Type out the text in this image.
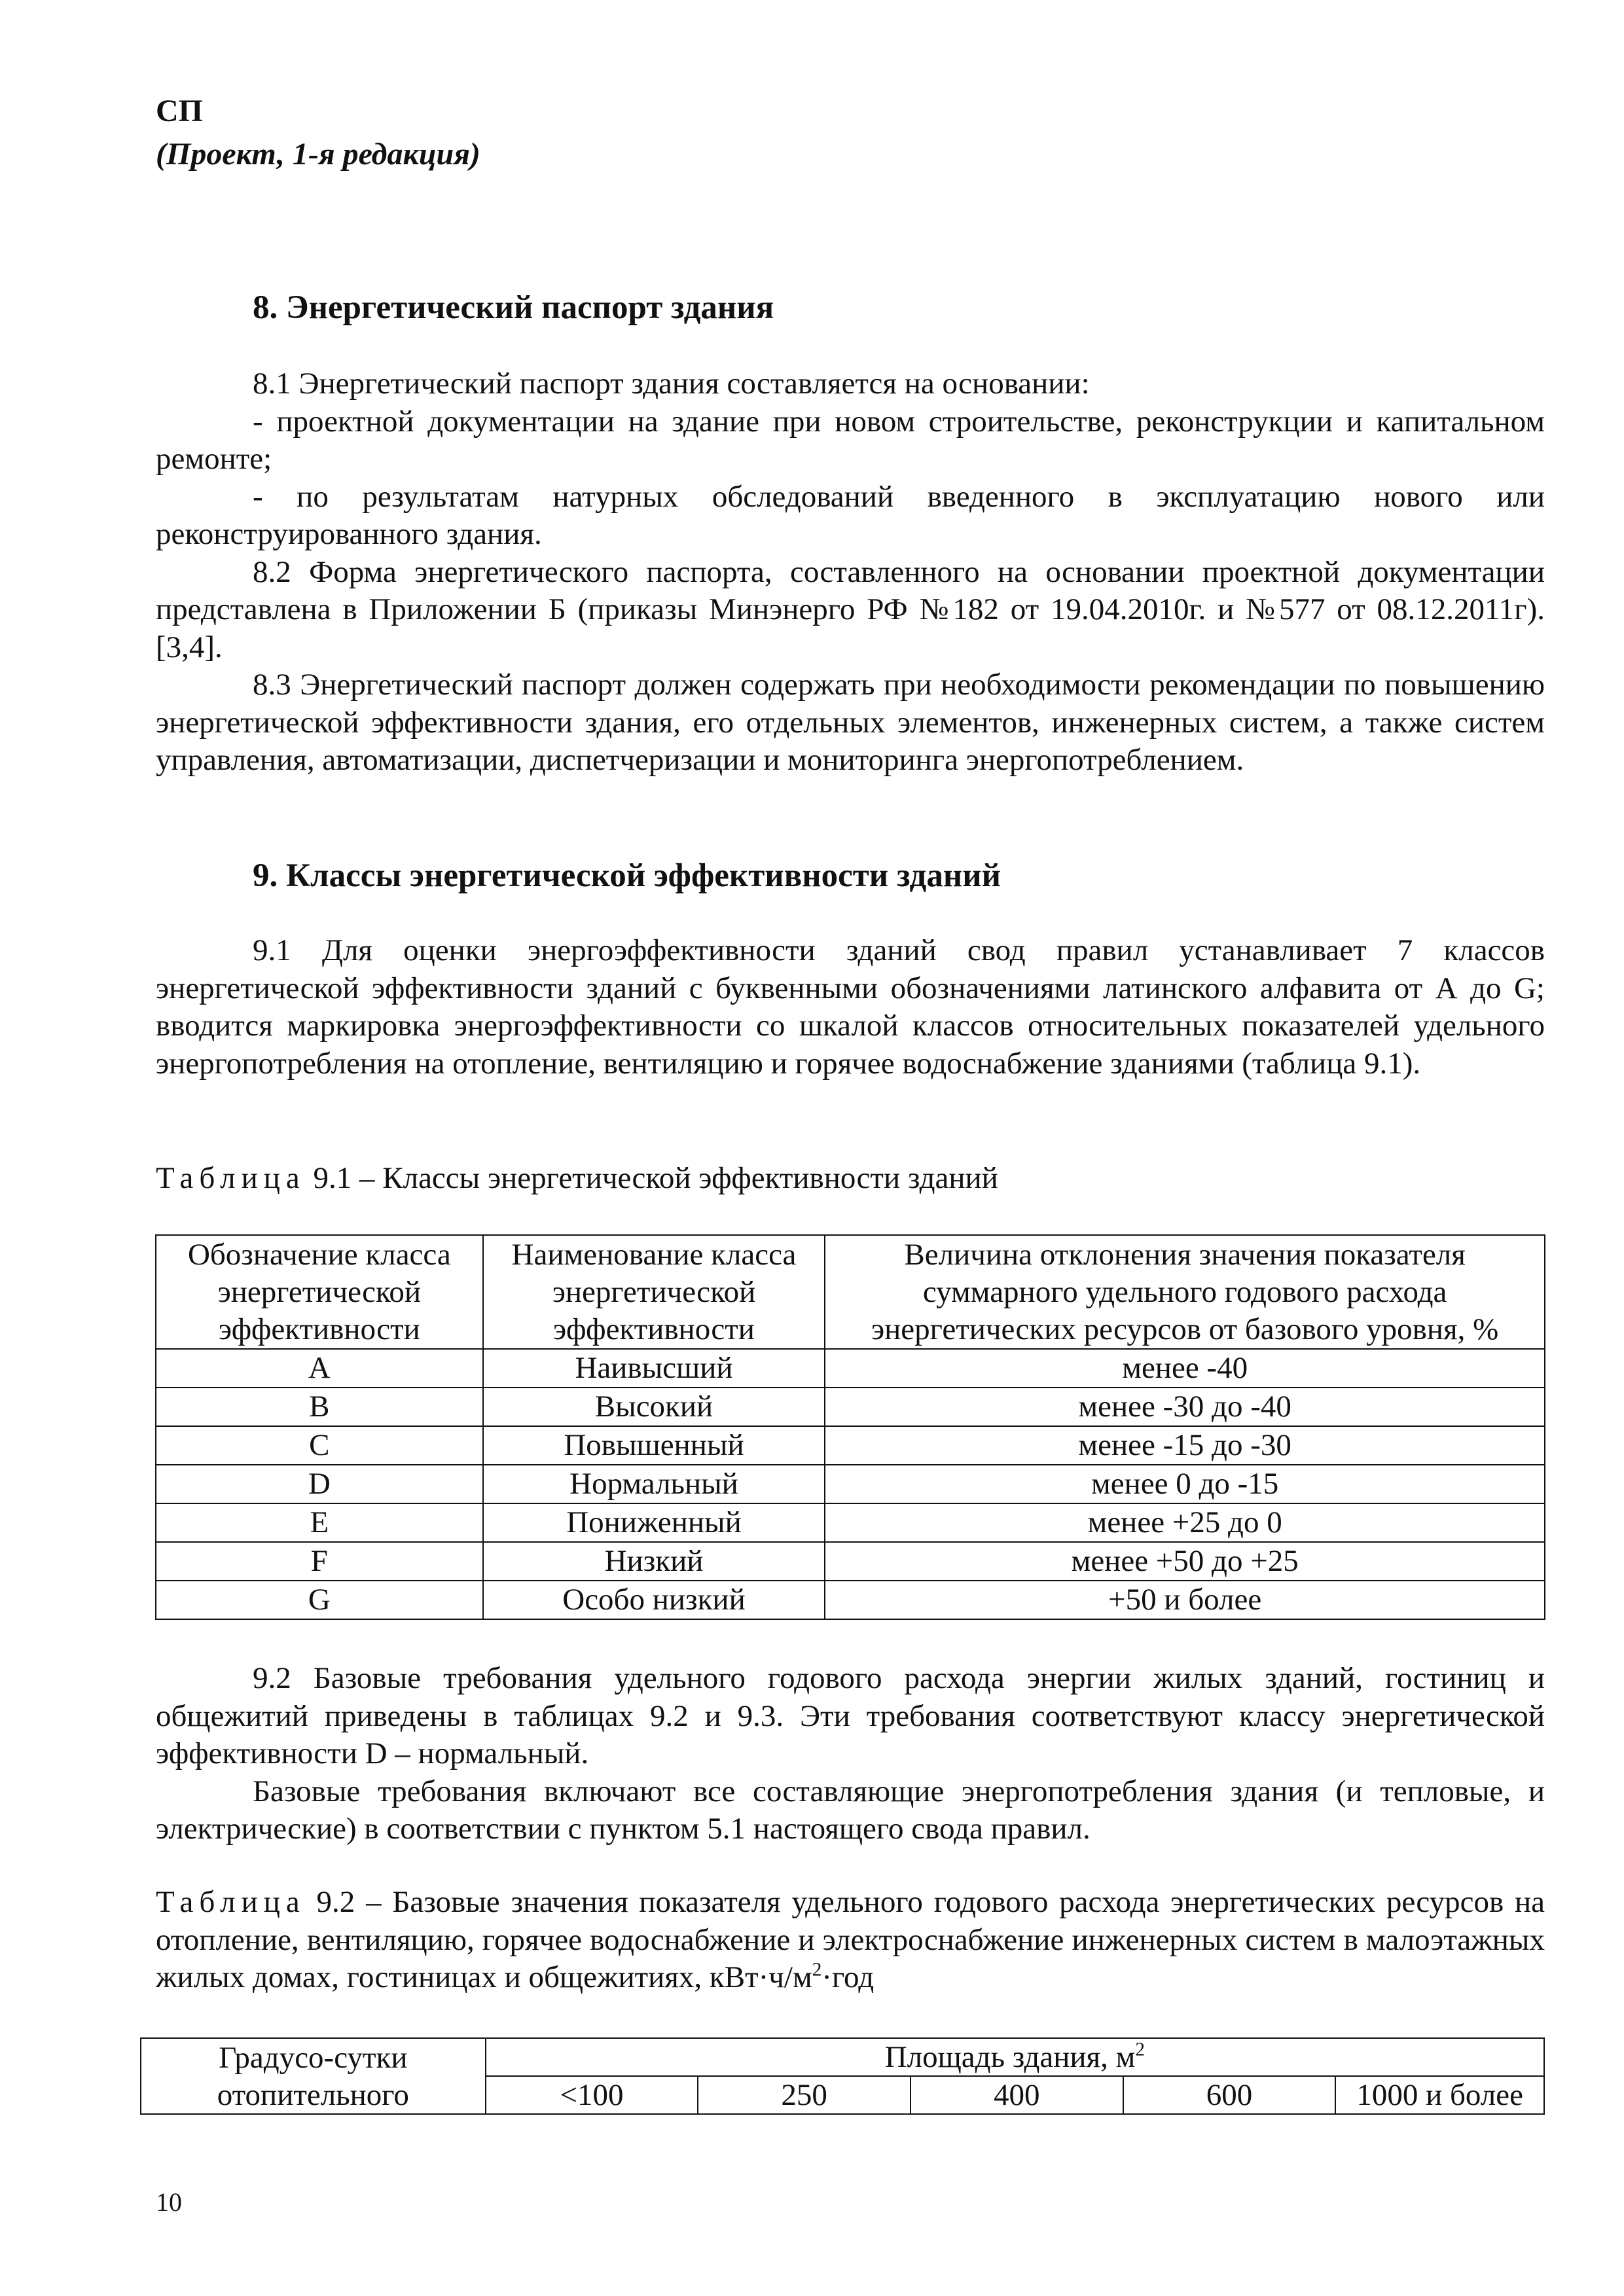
СП
(Проект, 1-я редакция)
8. Энергетический паспорт здания

8.1 Энергетический паспорт здания составляется на основании:

- проектной документации на здание при новом строительстве, реконструкции и капитальном ремонте;

- по результатам натурных обследований введенного в эксплуатацию нового или реконструированного здания.

8.2 Форма энергетического паспорта, составленного на основании проектной документации представлена в Приложении Б (приказы Минэнерго РФ №182 от 19.04.2010г. и №577 от 08.12.2011г). [3,4].

8.3 Энергетический паспорт должен содержать при необходимости рекомендации по повышению энергетической эффективности здания, его отдельных элементов, инженерных систем, а также систем управления, автоматизации, диспетчеризации и мониторинга энергопотреблением.

9. Классы энергетической эффективности зданий

9.1 Для оценки энергоэффективности зданий свод правил устанавливает 7 классов энергетической эффективности зданий с буквенными обозначениями латинского алфавита от А до G; вводится маркировка энергоэффективности со шкалой классов относительных показателей удельного энергопотребления на отопление, вентиляцию и горячее водоснабжение зданиями (таблица 9.1).

Таблица 9.1 – Классы энергетической эффективности зданий
Обозначение класса энергетической эффективности	Наименование класса энергетической эффективности	Величина отклонения значения показателя суммарного удельного годового расхода энергетических ресурсов от базового уровня, %
A	Наивысший	менее -40
B	Высокий	менее -30 до -40
C	Повышенный	менее -15 до -30
D	Нормальный	менее 0 до -15
E	Пониженный	менее +25 до 0
F	Низкий	менее +50 до +25
G	Особо низкий	+50 и более

9.2 Базовые требования удельного годового расхода энергии жилых зданий, гостиниц и общежитий приведены в таблицах 9.2 и 9.3. Эти требования соответствуют классу энергетической эффективности D – нормальный.

Базовые требования включают все составляющие энергопотребления здания (и тепловые, и электрические) в соответствии с пунктом 5.1 настоящего свода правил.

Таблица 9.2 – Базовые значения показателя удельного годового расхода энергетических ресурсов на отопление, вентиляцию, горячее водоснабжение и электроснабжение инженерных систем в малоэтажных жилых домах, гостиницах и общежитиях, $кВт\cdot ч/м^2\cdot год$
Градусо-сутки	Площадь здания, $м^2$
отопительного	<100	250	400	600	1000 и более
10
